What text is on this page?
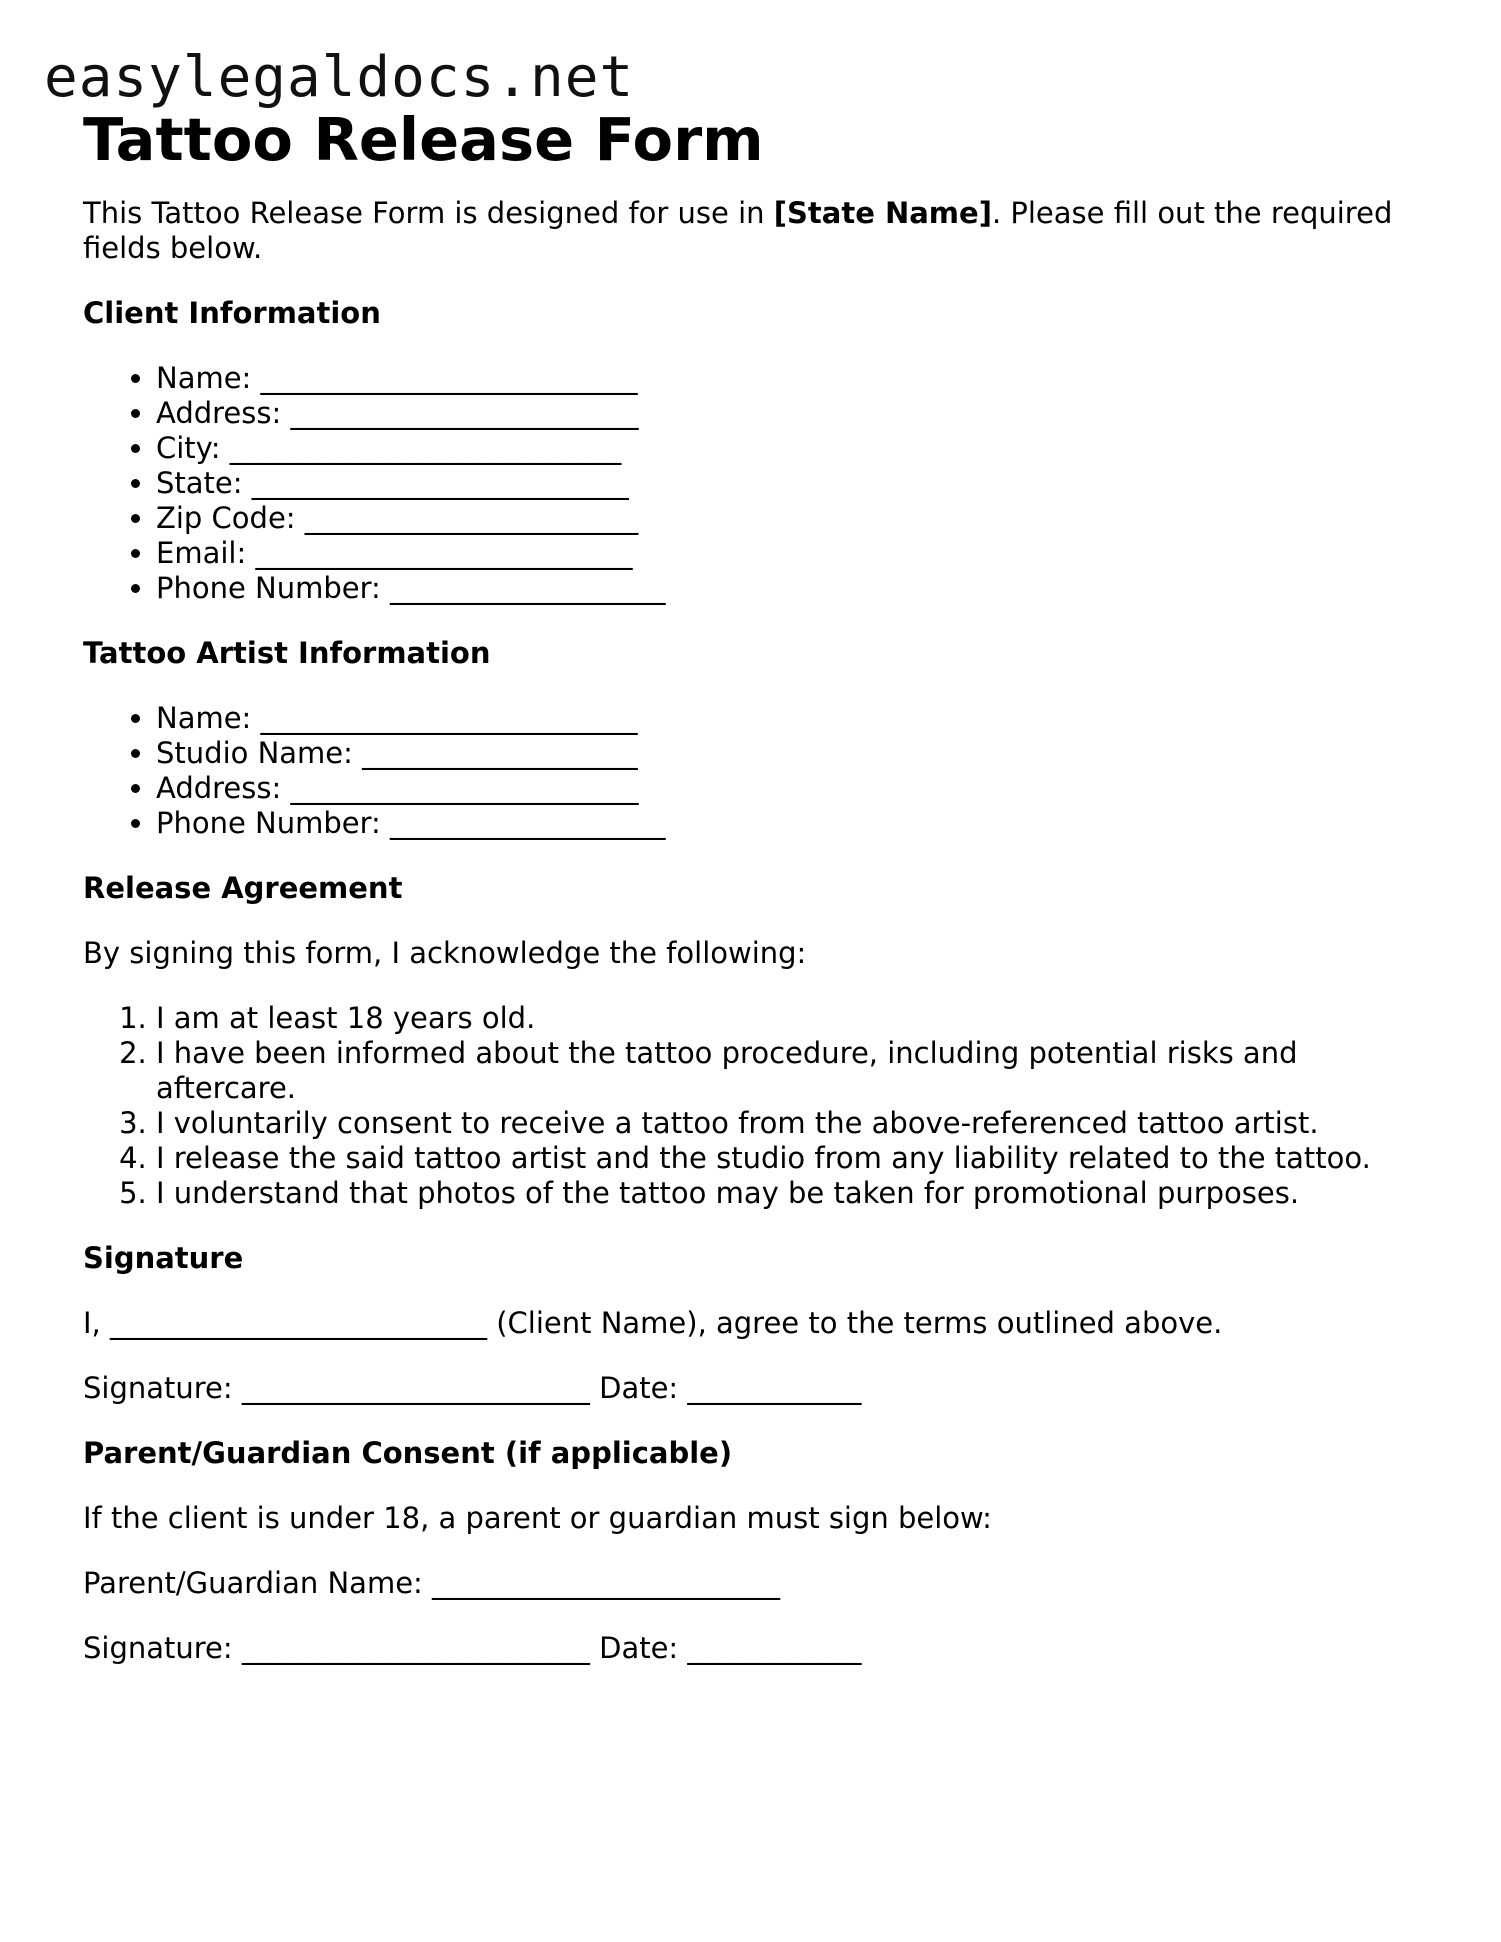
easylegaldocs.net
Tattoo Release Form

This Tattoo Release Form is designed for use in [State Name]. Please fill out the required fields below.

Client Information
• Name: __________________________
• Address: ________________________
• City: ___________________________
• State: __________________________
• Zip Code: _______________________
• Email: __________________________
• Phone Number: ___________________
Tattoo Artist Information
• Name: __________________________
• Studio Name: ___________________
• Address: ________________________
• Phone Number: ___________________
Release Agreement

By signing this form, I acknowledge the following:

1. I am at least 18 years old.
2. I have been informed about the tattoo procedure, including potential risks and aftercare.
3. I voluntarily consent to receive a tattoo from the above-referenced tattoo artist.
4. I release the said tattoo artist and the studio from any liability related to the tattoo.
5. I understand that photos of the tattoo may be taken for promotional purposes.
Signature

I, __________________________ (Client Name), agree to the terms outlined above.

Signature: ________________________ Date: ____________

Parent/Guardian Consent (if applicable)

If the client is under 18, a parent or guardian must sign below:

Parent/Guardian Name: ________________________

Signature: ________________________ Date: ____________
